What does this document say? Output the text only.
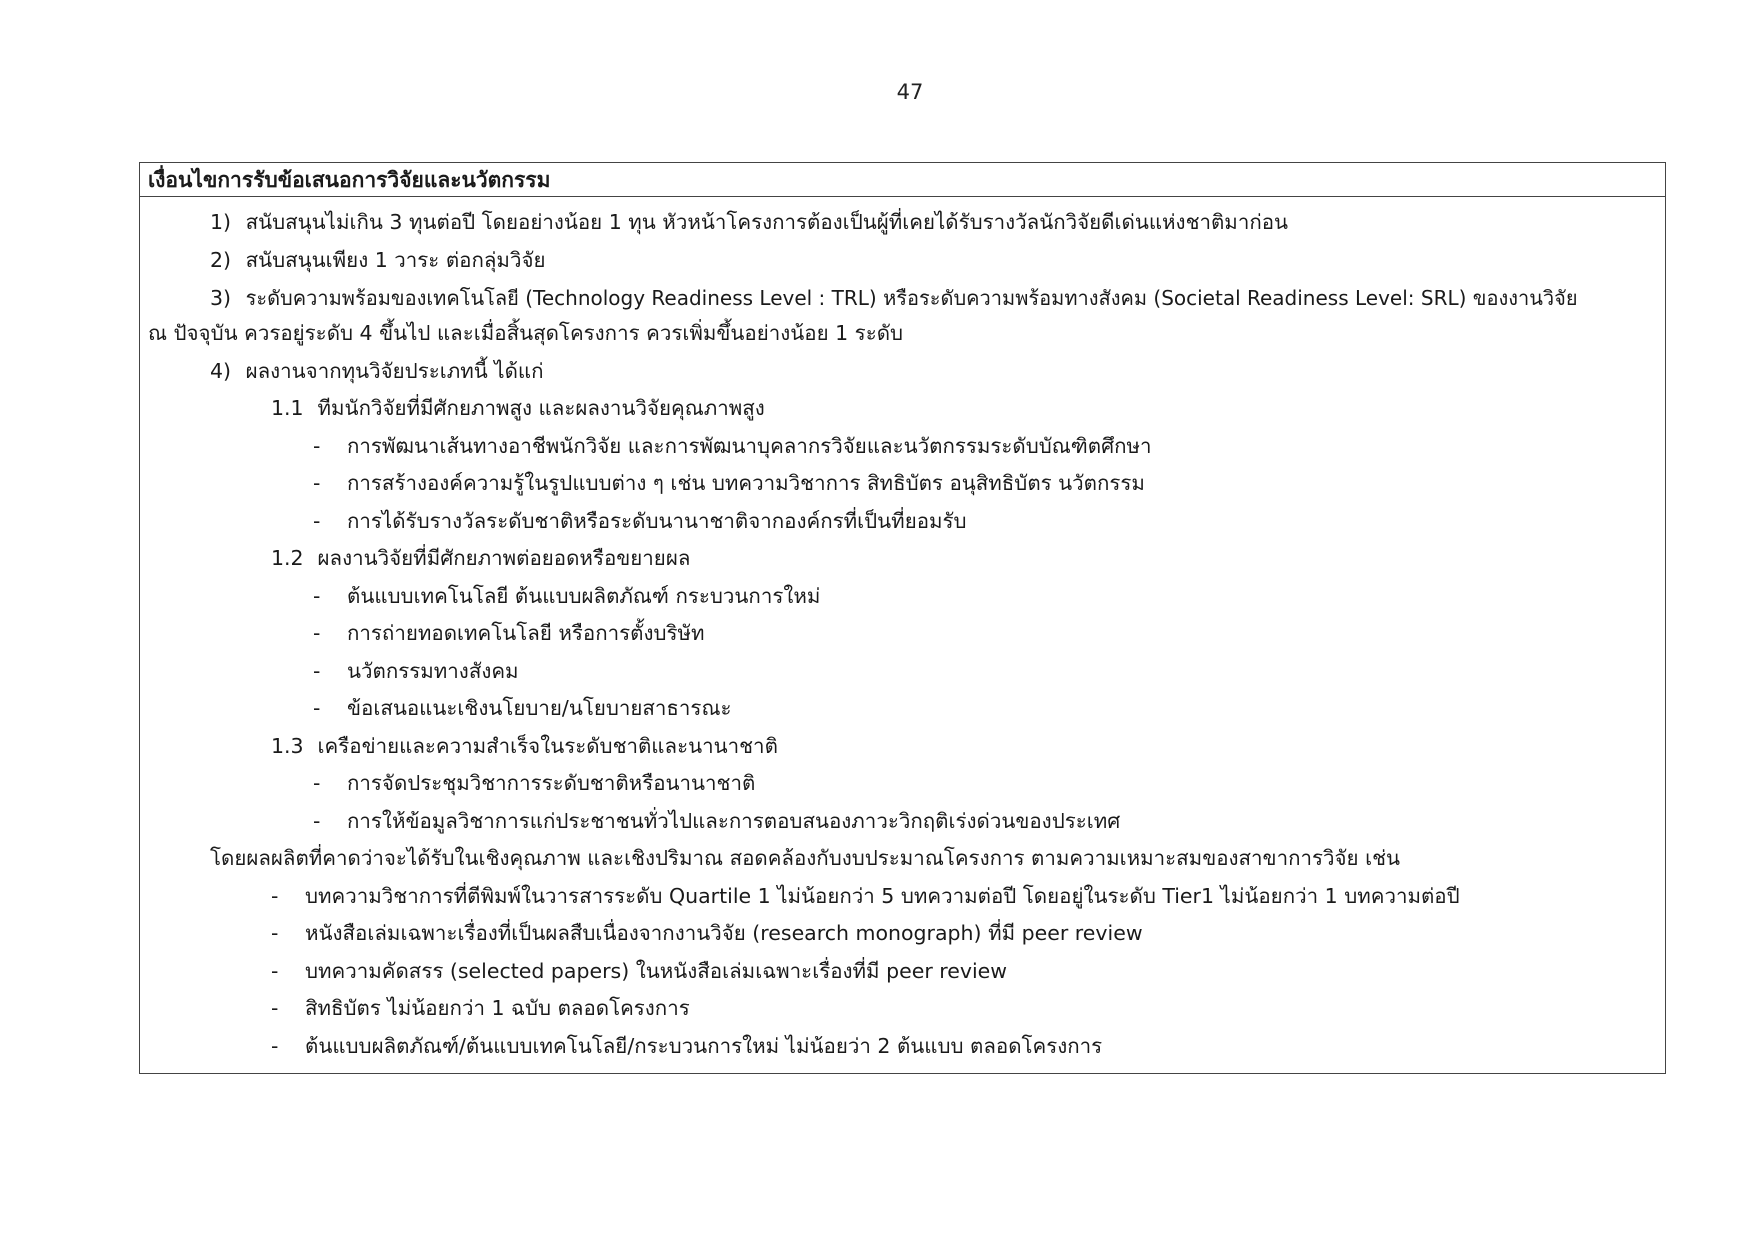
47
เงื่อนไขการรับข้อเสนอการวิจัยและนวัตกรรม
1) สนับสนุนไม่เกิน 3 ทุนต่อปี โดยอย่างน้อย 1 ทุน หัวหน้าโครงการต้องเป็นผู้ที่เคยได้รับรางวัลนักวิจัยดีเด่นแห่งชาติมาก่อน
2) สนับสนุนเพียง 1 วาระ ต่อกลุ่มวิจัย
3) ระดับความพร้อมของเทคโนโลยี (Technology Readiness Level : TRL) หรือระดับความพร้อมทางสังคม (Societal Readiness Level: SRL) ของงานวิจัย
ณ ปัจจุบัน ควรอยู่ระดับ 4 ขึ้นไป และเมื่อสิ้นสุดโครงการ ควรเพิ่มขึ้นอย่างน้อย 1 ระดับ
4) ผลงานจากทุนวิจัยประเภทนี้ ได้แก่
1.1 ทีมนักวิจัยที่มีศักยภาพสูง และผลงานวิจัยคุณภาพสูง
- การพัฒนาเส้นทางอาชีพนักวิจัย และการพัฒนาบุคลากรวิจัยและนวัตกรรมระดับบัณฑิตศึกษา
- การสร้างองค์ความรู้ในรูปแบบต่าง ๆ เช่น บทความวิชาการ สิทธิบัตร อนุสิทธิบัตร นวัตกรรม
- การได้รับรางวัลระดับชาติหรือระดับนานาชาติจากองค์กรที่เป็นที่ยอมรับ
1.2 ผลงานวิจัยที่มีศักยภาพต่อยอดหรือขยายผล
- ต้นแบบเทคโนโลยี ต้นแบบผลิตภัณฑ์ กระบวนการใหม่
- การถ่ายทอดเทคโนโลยี หรือการตั้งบริษัท
- นวัตกรรมทางสังคม
- ข้อเสนอแนะเชิงนโยบาย/นโยบายสาธารณะ
1.3 เครือข่ายและความสำเร็จในระดับชาติและนานาชาติ
- การจัดประชุมวิชาการระดับชาติหรือนานาชาติ
- การให้ข้อมูลวิชาการแก่ประชาชนทั่วไปและการตอบสนองภาวะวิกฤติเร่งด่วนของประเทศ
โดยผลผลิตที่คาดว่าจะได้รับในเชิงคุณภาพ และเชิงปริมาณ สอดคล้องกับงบประมาณโครงการ ตามความเหมาะสมของสาขาการวิจัย เช่น
- บทความวิชาการที่ตีพิมพ์ในวารสารระดับ Quartile 1 ไม่น้อยกว่า 5 บทความต่อปี โดยอยู่ในระดับ Tier1 ไม่น้อยกว่า 1 บทความต่อปี
- หนังสือเล่มเฉพาะเรื่องที่เป็นผลสืบเนื่องจากงานวิจัย (research monograph) ที่มี peer review
- บทความคัดสรร (selected papers) ในหนังสือเล่มเฉพาะเรื่องที่มี peer review
- สิทธิบัตร ไม่น้อยกว่า 1 ฉบับ ตลอดโครงการ
- ต้นแบบผลิตภัณฑ์/ต้นแบบเทคโนโลยี/กระบวนการใหม่ ไม่น้อยว่า 2 ต้นแบบ ตลอดโครงการ
